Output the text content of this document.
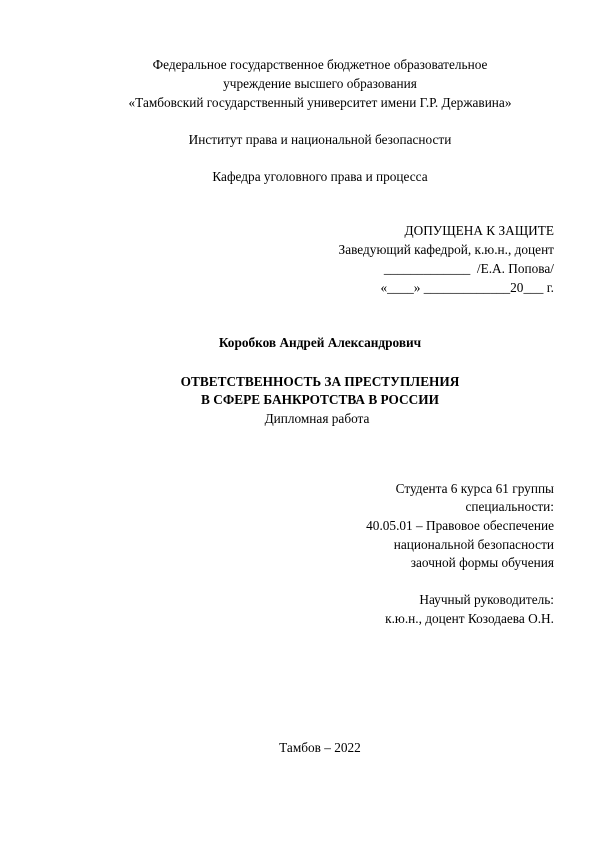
Федеральное государственное бюджетное образовательное
учреждение высшего образования
«Тамбовский государственный университет имени Г.Р. Державина»
Институт права и национальной безопасности
Кафедра уголовного права и процесса
ДОПУЩЕНА К ЗАЩИТЕ
Заведующий кафедрой, к.ю.н., доцент
_____________  /Е.А. Попова/
«____» _____________20___ г.
Коробков Андрей Александрович
ОТВЕТСТВЕННОСТЬ ЗА ПРЕСТУПЛЕНИЯ
В СФЕРЕ БАНКРОТСТВА В РОССИИ
Дипломная работа
Студента 6 курса 61 группы
специальности:
40.05.01 – Правовое обеспечение
национальной безопасности
заочной формы обучения
Научный руководитель:
к.ю.н., доцент Козодаева О.Н.
Тамбов – 2022
